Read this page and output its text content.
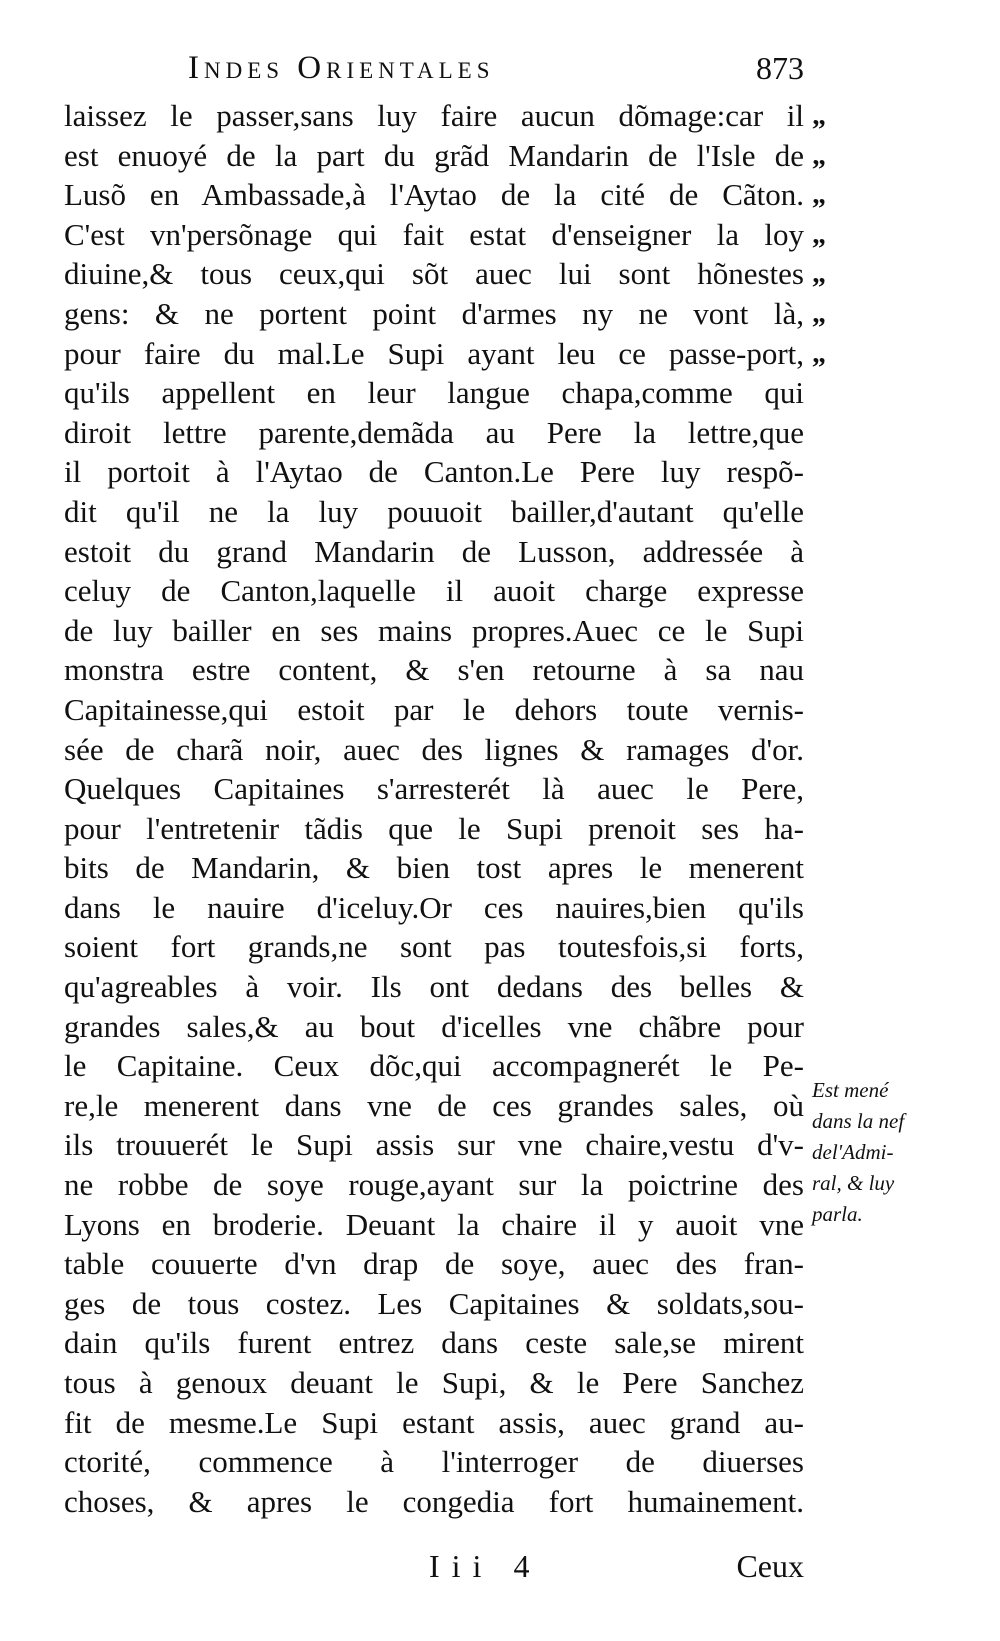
Indes Orientales	873
laissez le passer,sans luy faire aucun dõmage:car il
est enuoyé de la part du grãd Mandarin de l'Isle de
Lusõ en Ambassade,à l'Aytao de la cité de Cãton.
C'est vn'persõnage qui fait estat d'enseigner la loy
diuine,& tous ceux,qui sõt auec lui sont hõnestes
gens: & ne portent point d'armes ny ne vont là,
pour faire du mal.Le Supi ayant leu ce passe-port,
qu'ils appellent en leur langue chapa,comme qui
diroit lettre parente,demãda au Pere la lettre,que
il portoit à l'Aytao de Canton.Le Pere luy respõ-
dit qu'il ne la luy pouuoit bailler,d'autant qu'elle
estoit du grand Mandarin de Lusson, addressée à
celuy de Canton,laquelle il auoit charge expresse
de luy bailler en ses mains propres.Auec ce le Supi
monstra estre content, & s'en retourne à sa nau
Capitainesse,qui estoit par le dehors toute vernis-
sée de charã noir, auec des lignes & ramages d'or.
Quelques Capitaines s'arresterét là auec le Pere,
pour l'entretenir tãdis que le Supi prenoit ses ha-
bits de Mandarin, & bien tost apres le menerent
dans le nauire d'iceluy.Or ces nauires,bien qu'ils
soient fort grands,ne sont pas toutesfois,si forts,
qu'agreables à voir. Ils ont dedans des belles &
grandes sales,& au bout d'icelles vne chãbre pour
le Capitaine. Ceux dõc,qui accompagnerét le Pe-
re,le menerent dans vne de ces grandes sales, où
ils trouuerét le Supi assis sur vne chaire,vestu d'v-
ne robbe de soye rouge,ayant sur la poictrine des
Lyons en broderie. Deuant la chaire il y auoit vne
table couuerte d'vn drap de soye, auec des fran-
ges de tous costez. Les Capitaines & soldats,sou-
dain qu'ils furent entrez dans ceste sale,se mirent
tous à genoux deuant le Supi, & le Pere Sanchez
fit de mesme.Le Supi estant assis, auec grand au-
ctorité, commence à l'interroger de diuerses
choses, & apres le congedia fort humainement.
„
„
„
„
„
„
„
Est mené
dans la nef
del'Admi-
ral, & luy
parla.
Iii 4	Ceux
